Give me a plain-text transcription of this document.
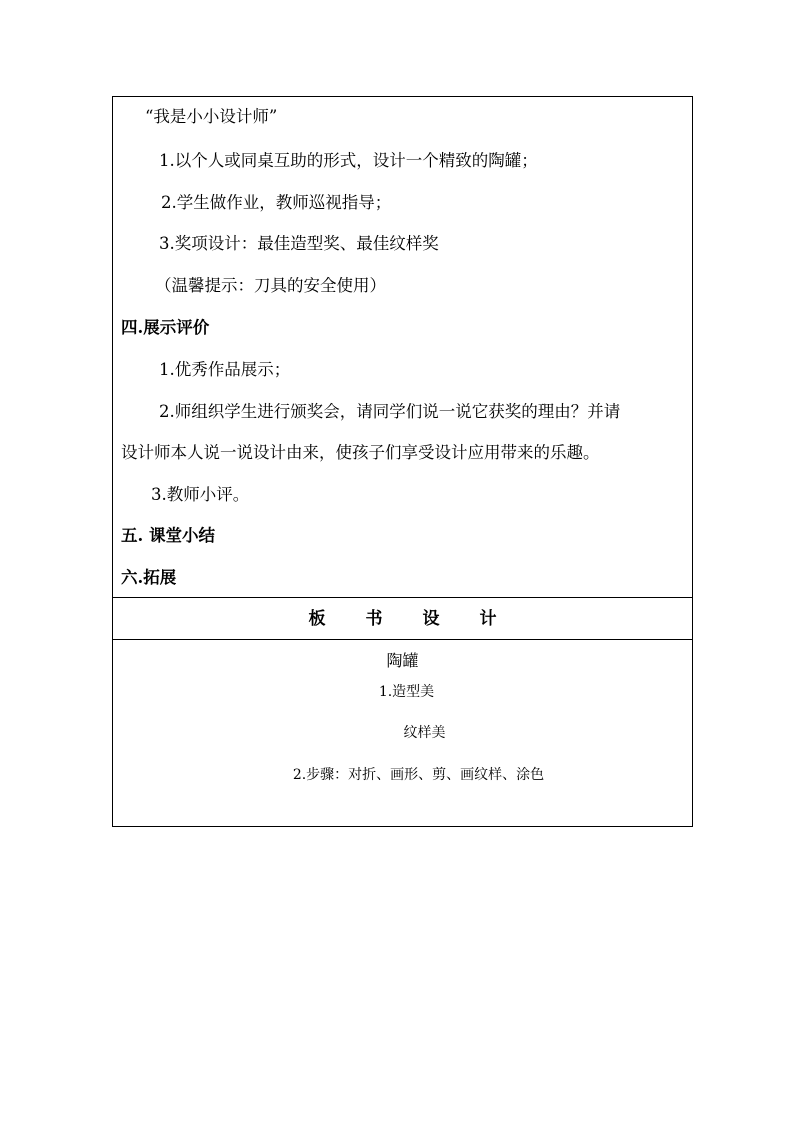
“我是小小设计师”
1.以个人或同桌互助的形式，设计一个精致的陶罐；
2.学生做作业，教师巡视指导；
3.奖项设计：最佳造型奖、最佳纹样奖
（温馨提示：刀具的安全使用）
四.展示评价
1.优秀作品展示；
2.师组织学生进行颁奖会，请同学们说一说它获奖的理由？并请
设计师本人说一说设计由来，使孩子们享受设计应用带来的乐趣。
3.教师小评。
五. 课堂小结
六.拓展
板书设计
陶罐
1.造型美
纹样美
2.步骤：对折、画形、剪、画纹样、涂色
